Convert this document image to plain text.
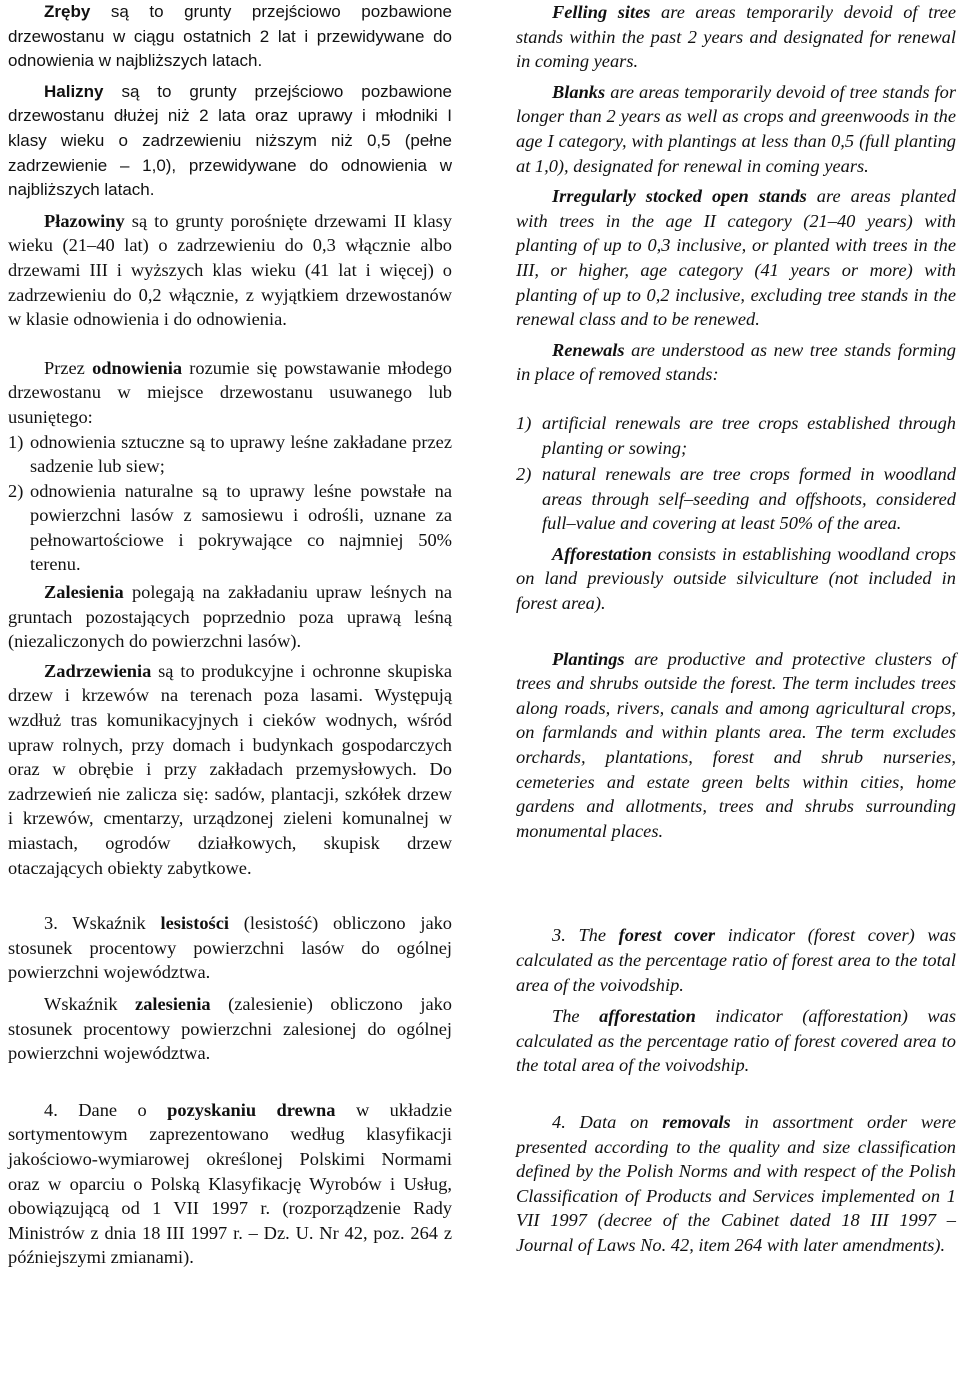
Zręby są to grunty przejściowo pozbawione drzewostanu w ciągu ostatnich 2 lat i przewidywane do odnowienia w najbliższych latach.

Halizny są to grunty przejściowo pozbawione drzewostanu dłużej niż 2 lata oraz uprawy i młodniki I klasy wieku o zadrzewieniu niższym niż 0,5 (pełne zadrzewienie – 1,0), przewidywane do odnowienia w najbliższych latach.

Płazowiny są to grunty porośnięte drzewami II klasy wieku (21–40 lat) o zadrzewieniu do 0,3 włącznie albo drzewami III i wyższych klas wieku (41 lat i więcej) o zadrzewieniu do 0,2 włącznie, z wyjątkiem drzewostanów w klasie odnowienia i do odnowienia.

Przez odnowienia rozumie się powstawanie młodego drzewostanu w miejsce drzewostanu usuwanego lub usuniętego:

1) odnowienia sztuczne są to uprawy leśne zakładane przez sadzenie lub siew;
2) odnowienia naturalne są to uprawy leśne powstałe na powierzchni lasów z samosiewu i odrośli, uznane za pełnowartościowe i pokrywające co najmniej 50% terenu.

Zalesienia polegają na zakładaniu upraw leśnych na gruntach pozostających poprzednio poza uprawą leśną (niezaliczonych do powierzchni lasów).

Zadrzewienia są to produkcyjne i ochronne skupiska drzew i krzewów na terenach poza lasami. Występują wzdłuż tras komunikacyjnych i cieków wodnych, wśród upraw rolnych, przy domach i budynkach gospodarczych oraz w obrębie i przy zakładach przemysłowych. Do zadrzewień nie zalicza się: sadów, plantacji, szkółek drzew i krzewów, cmentarzy, urządzonej zieleni komunalnej w miastach, ogrodów działkowych, skupisk drzew otaczających obiekty zabytkowe.

3. Wskaźnik lesistości (lesistość) obliczono jako stosunek procentowy powierzchni lasów do ogólnej powierzchni województwa.

Wskaźnik zalesienia (zalesienie) obliczono jako stosunek procentowy powierzchni zalesionej do ogólnej powierzchni województwa.

4. Dane o pozyskaniu drewna w układzie sortymentowym zaprezentowano według klasyfikacji jakościowo-wymiarowej określonej Polskimi Normami oraz w oparciu o Polską Klasyfikację Wyrobów i Usług, obowiązującą od 1 VII 1997 r. (rozporządzenie Rady Ministrów z dnia 18 III 1997 r. – Dz. U. Nr 42, poz. 264 z późniejszymi zmianami).

Felling sites are areas temporarily devoid of tree stands within the past 2 years and designated for renewal in coming years.

Blanks are areas temporarily devoid of tree stands for longer than 2 years as well as crops and greenwoods in the age I category, with plantings at less than 0,5 (full planting at 1,0), designated for renewal in coming years.

Irregularly stocked open stands are areas planted with trees in the age II category (21–40 years) with planting of up to 0,3 inclusive, or planted with trees in the III, or higher, age category (41 years or more) with planting of up to 0,2 inclusive, excluding tree stands in the renewal class and to be renewed.

Renewals are understood as new tree stands forming in place of removed stands:

1) artificial renewals are tree crops established through planting or sowing;
2) natural renewals are tree crops formed in woodland areas through self–seeding and offshoots, considered full–value and covering at least 50% of the area.

Afforestation consists in establishing woodland crops on land previously outside silviculture (not included in forest area).

Plantings are productive and protective clusters of trees and shrubs outside the forest. The term includes trees along roads, rivers, canals and among agricultural crops, on farmlands and within plants area. The term excludes orchards, plantations, forest and shrub nurseries, cemeteries and estate green belts within cities, home gardens and allotments, trees and shrubs surrounding monumental places.

3. The forest cover indicator (forest cover) was calculated as the percentage ratio of forest area to the total area of the voivodship.

The afforestation indicator (afforestation) was calculated as the percentage ratio of forest covered area to the total area of the voivodship.

4. Data on removals in assortment order were presented according to the quality and size classification defined by the Polish Norms and with respect of the Polish Classification of Products and Services implemented on 1 VII 1997 (decree of the Cabinet dated 18 III 1997 – Journal of Laws No. 42, item 264 with later amendments).
